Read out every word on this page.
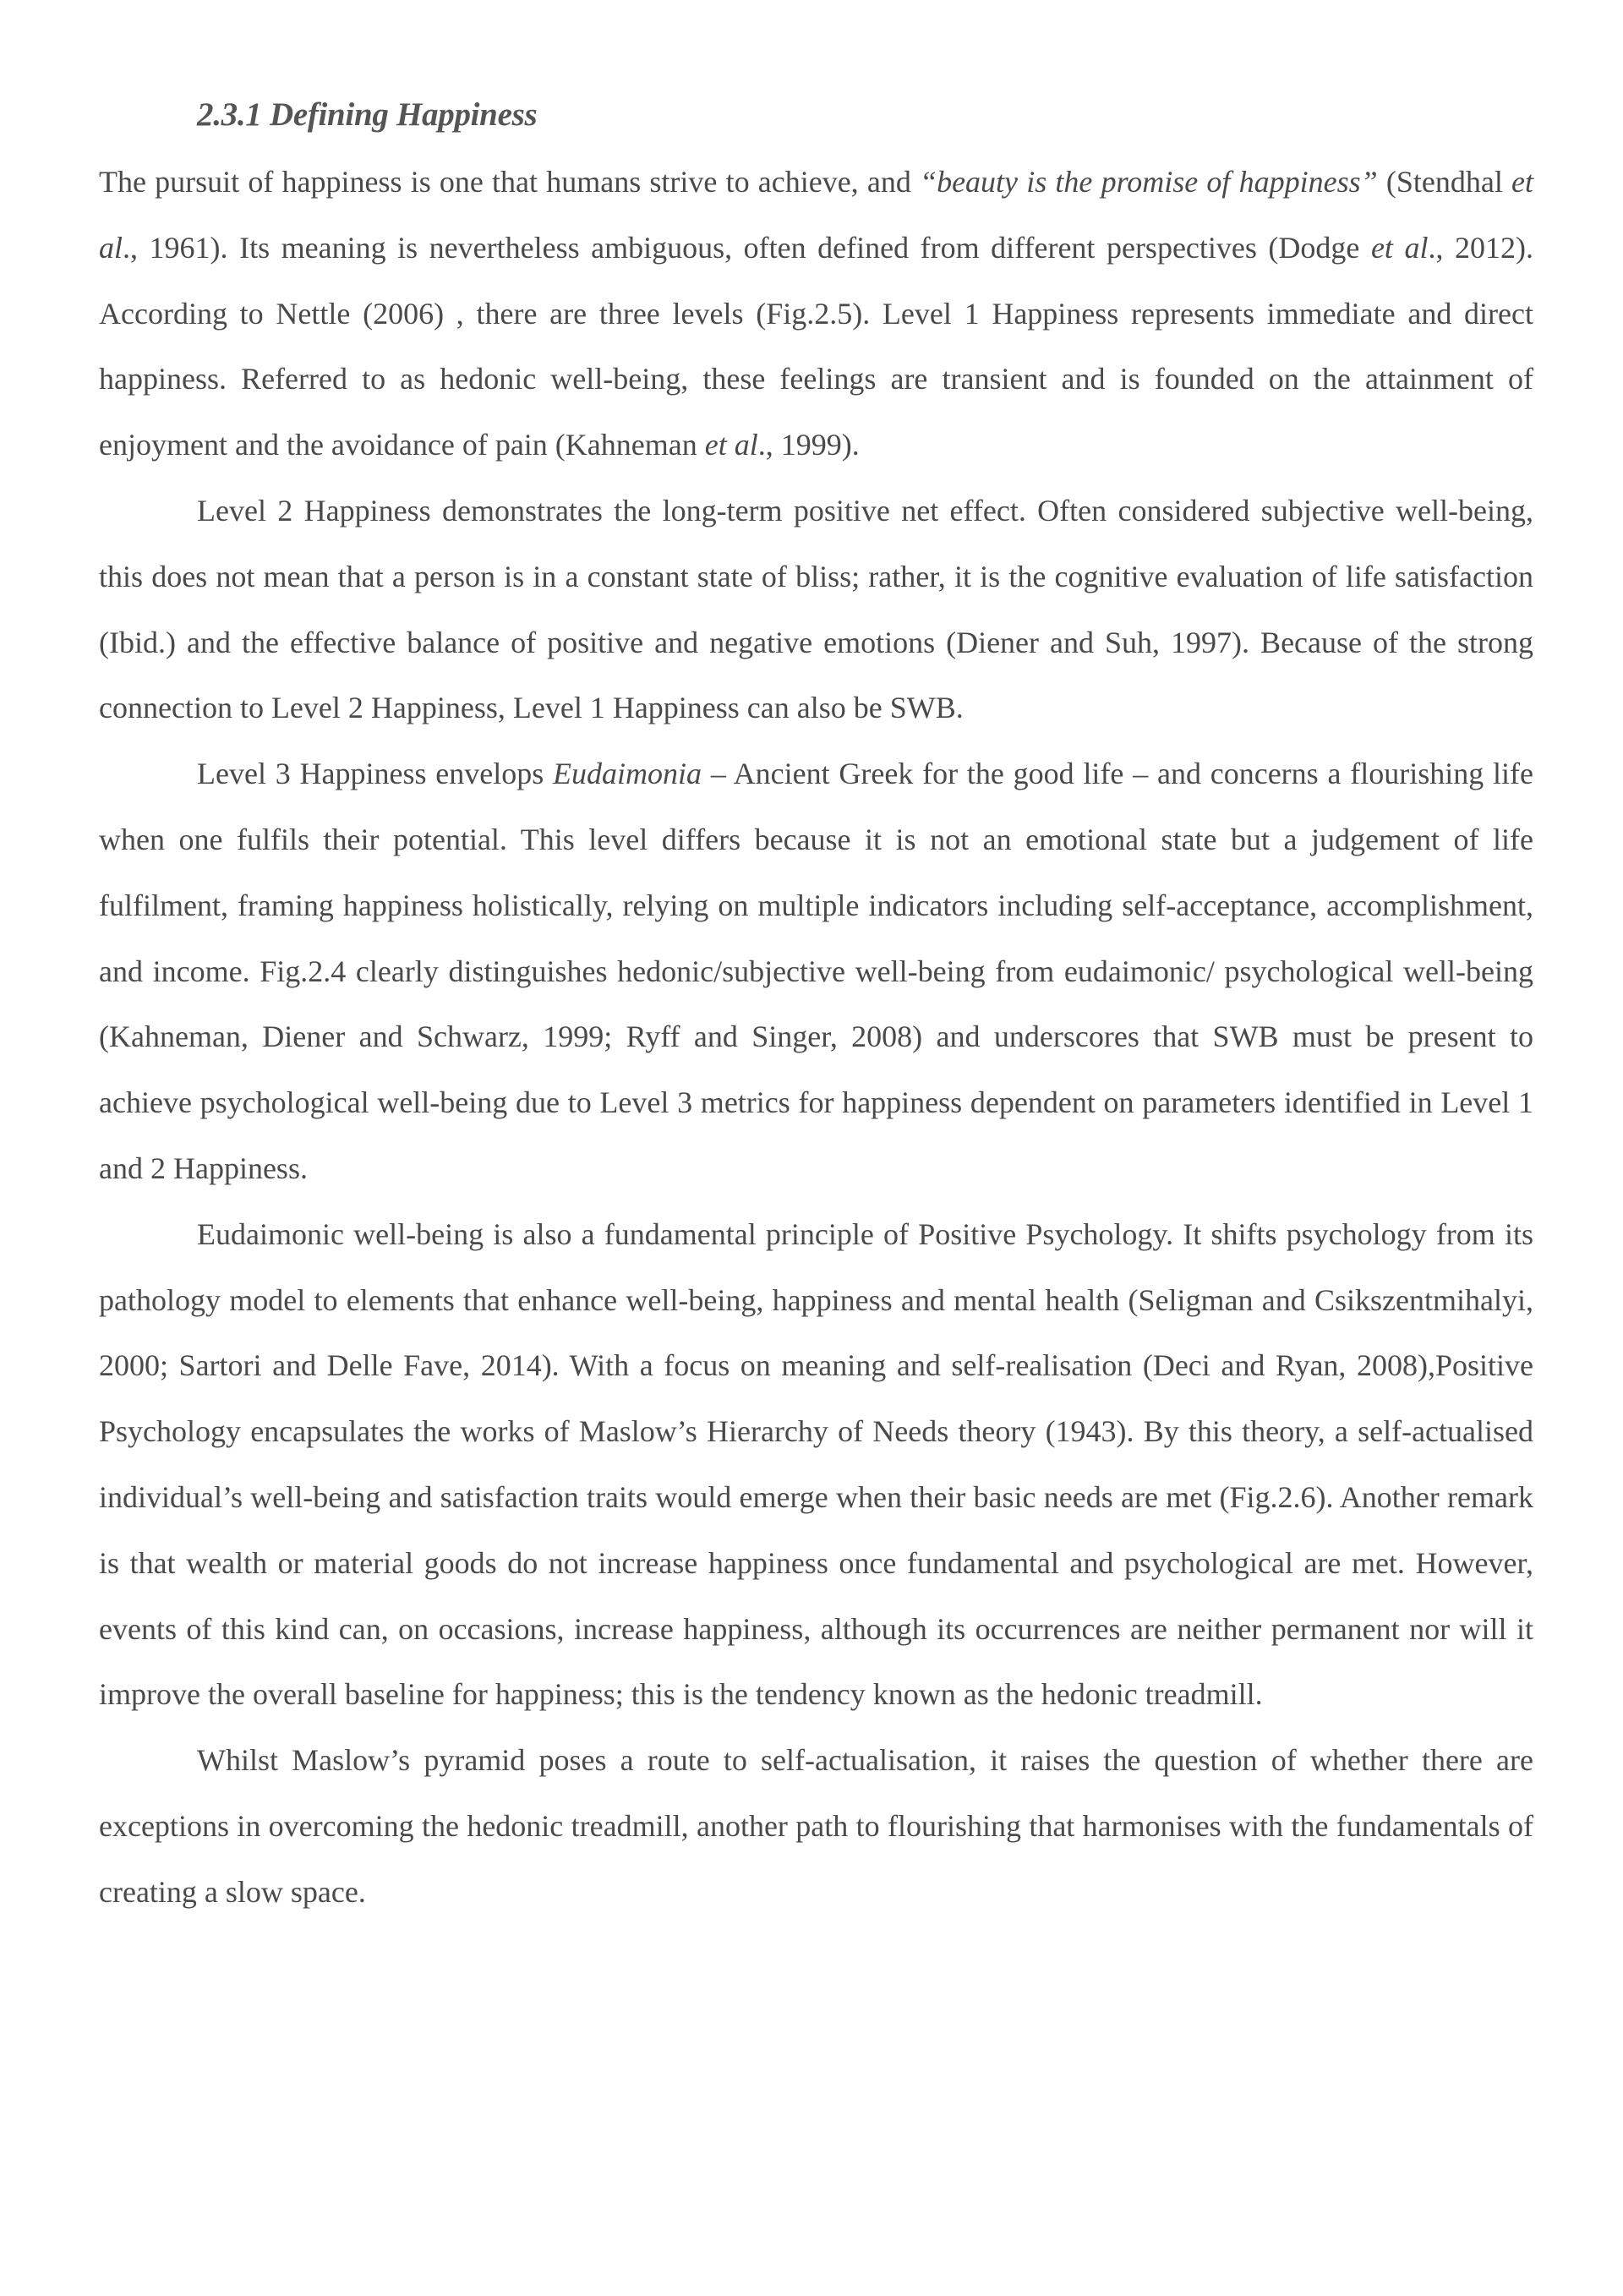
2.3.1 Defining Happiness

The pursuit of happiness is one that humans strive to achieve, and “beauty is the promise of happiness” (Stendhal et al., 1961). Its meaning is nevertheless ambiguous, often defined from different perspectives (Dodge et al., 2012). According to Nettle (2006) , there are three levels (Fig.2.5). Level 1 Happiness represents immediate and direct happiness. Referred to as hedonic well-being, these feelings are transient and is founded on the attainment of enjoyment and the avoidance of pain (Kahneman et al., 1999).

Level 2 Happiness demonstrates the long-term positive net effect. Often considered subjective well-being, this does not mean that a person is in a constant state of bliss; rather, it is the cognitive evaluation of life satisfaction (Ibid.) and the effective balance of positive and negative emotions (Diener and Suh, 1997). Because of the strong connection to Level 2 Happiness, Level 1 Happiness can also be SWB.

Level 3 Happiness envelops Eudaimonia – Ancient Greek for the good life – and concerns a flourishing life when one fulfils their potential. This level differs because it is not an emotional state but a judgement of life fulfilment, framing happiness holistically, relying on multiple indicators including self-acceptance, accomplishment, and income. Fig.2.4 clearly distinguishes hedonic/subjective well-being from eudaimonic/ psychological well-being (Kahneman, Diener and Schwarz, 1999; Ryff and Singer, 2008) and underscores that SWB must be present to achieve psychological well-being due to Level 3 metrics for happiness dependent on parameters identified in Level 1 and 2 Happiness.

Eudaimonic well-being is also a fundamental principle of Positive Psychology. It shifts psychology from its pathology model to elements that enhance well-being, happiness and mental health (Seligman and Csikszentmihalyi, 2000; Sartori and Delle Fave, 2014). With a focus on meaning and self-realisation (Deci and Ryan, 2008),Positive Psychology encapsulates the works of Maslow’s Hierarchy of Needs theory (1943). By this theory, a self-actualised individual’s well-being and satisfaction traits would emerge when their basic needs are met (Fig.2.6). Another remark is that wealth or material goods do not increase happiness once fundamental and psychological are met. However, events of this kind can, on occasions, increase happiness, although its occurrences are neither permanent nor will it improve the overall baseline for happiness; this is the tendency known as the hedonic treadmill.

Whilst Maslow’s pyramid poses a route to self-actualisation, it raises the question of whether there are exceptions in overcoming the hedonic treadmill, another path to flourishing that harmonises with the fundamentals of creating a slow space.
